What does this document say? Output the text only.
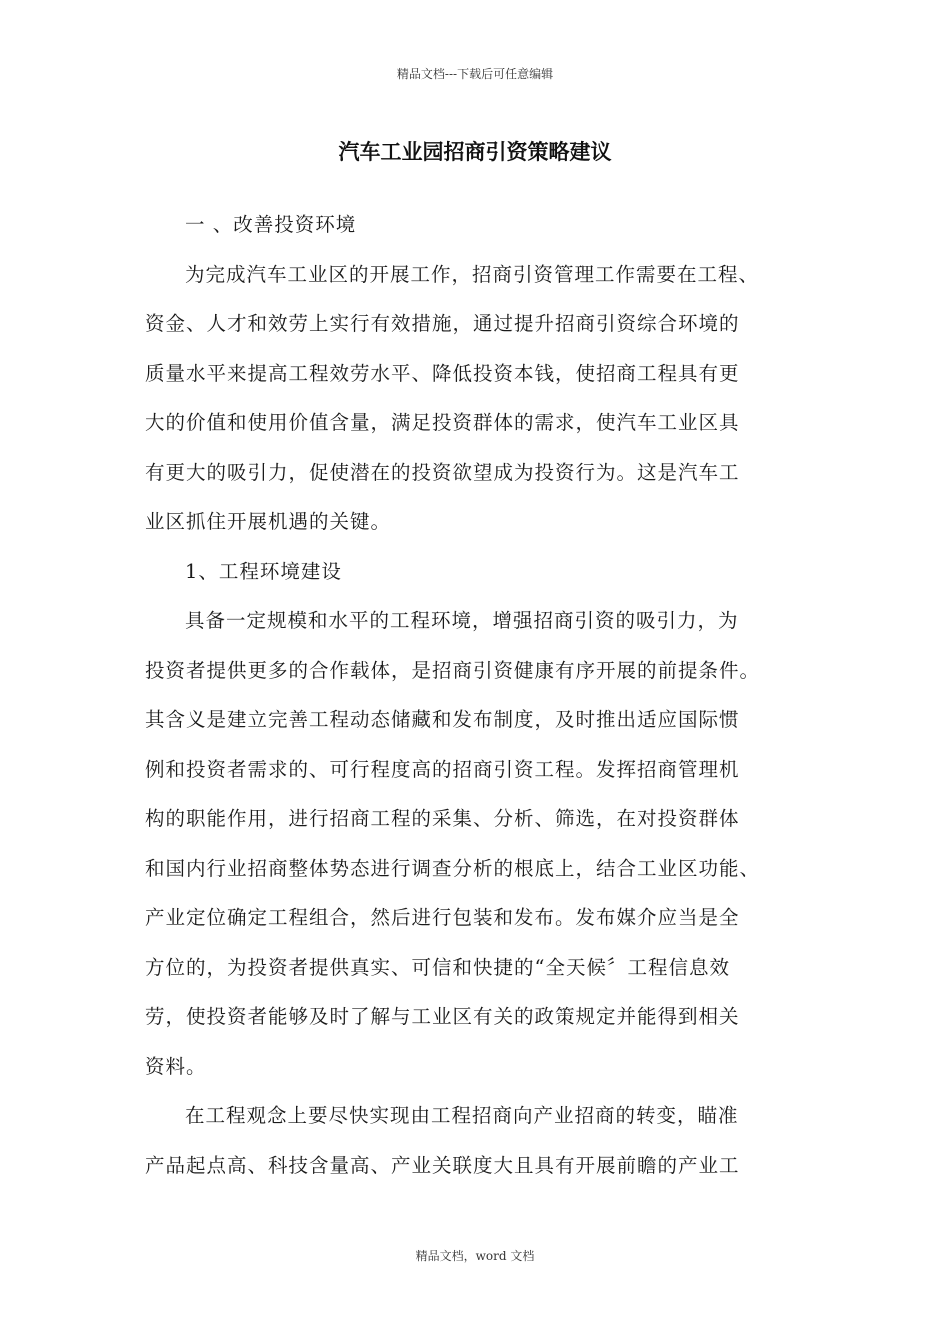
精品文档---下载后可任意编辑
汽车工业园招商引资策略建议
一 、改善投资环境
为完成汽车工业区的开展工作，招商引资管理工作需要在工程、
资金、人才和效劳上实行有效措施，通过提升招商引资综合环境的
质量水平来提高工程效劳水平、降低投资本钱，使招商工程具有更
大的价值和使用价值含量，满足投资群体的需求，使汽车工业区具
有更大的吸引力，促使潜在的投资欲望成为投资行为。这是汽车工
业区抓住开展机遇的关键。
1、工程环境建设
具备一定规模和水平的工程环境，增强招商引资的吸引力，为
投资者提供更多的合作载体，是招商引资健康有序开展的前提条件。
其含义是建立完善工程动态储藏和发布制度，及时推出适应国际惯
例和投资者需求的、可行程度高的招商引资工程。发挥招商管理机
构的职能作用，进行招商工程的采集、分析、筛选，在对投资群体
和国内行业招商整体势态进行调查分析的根底上，结合工业区功能、
产业定位确定工程组合，然后进行包装和发布。发布媒介应当是全
方位的，为投资者提供真实、可信和快捷的“全天候〞工程信息效
劳，使投资者能够及时了解与工业区有关的政策规定并能得到相关
资料。
在工程观念上要尽快实现由工程招商向产业招商的转变，瞄准
产品起点高、科技含量高、产业关联度大且具有开展前瞻的产业工
精品文档，word 文档
